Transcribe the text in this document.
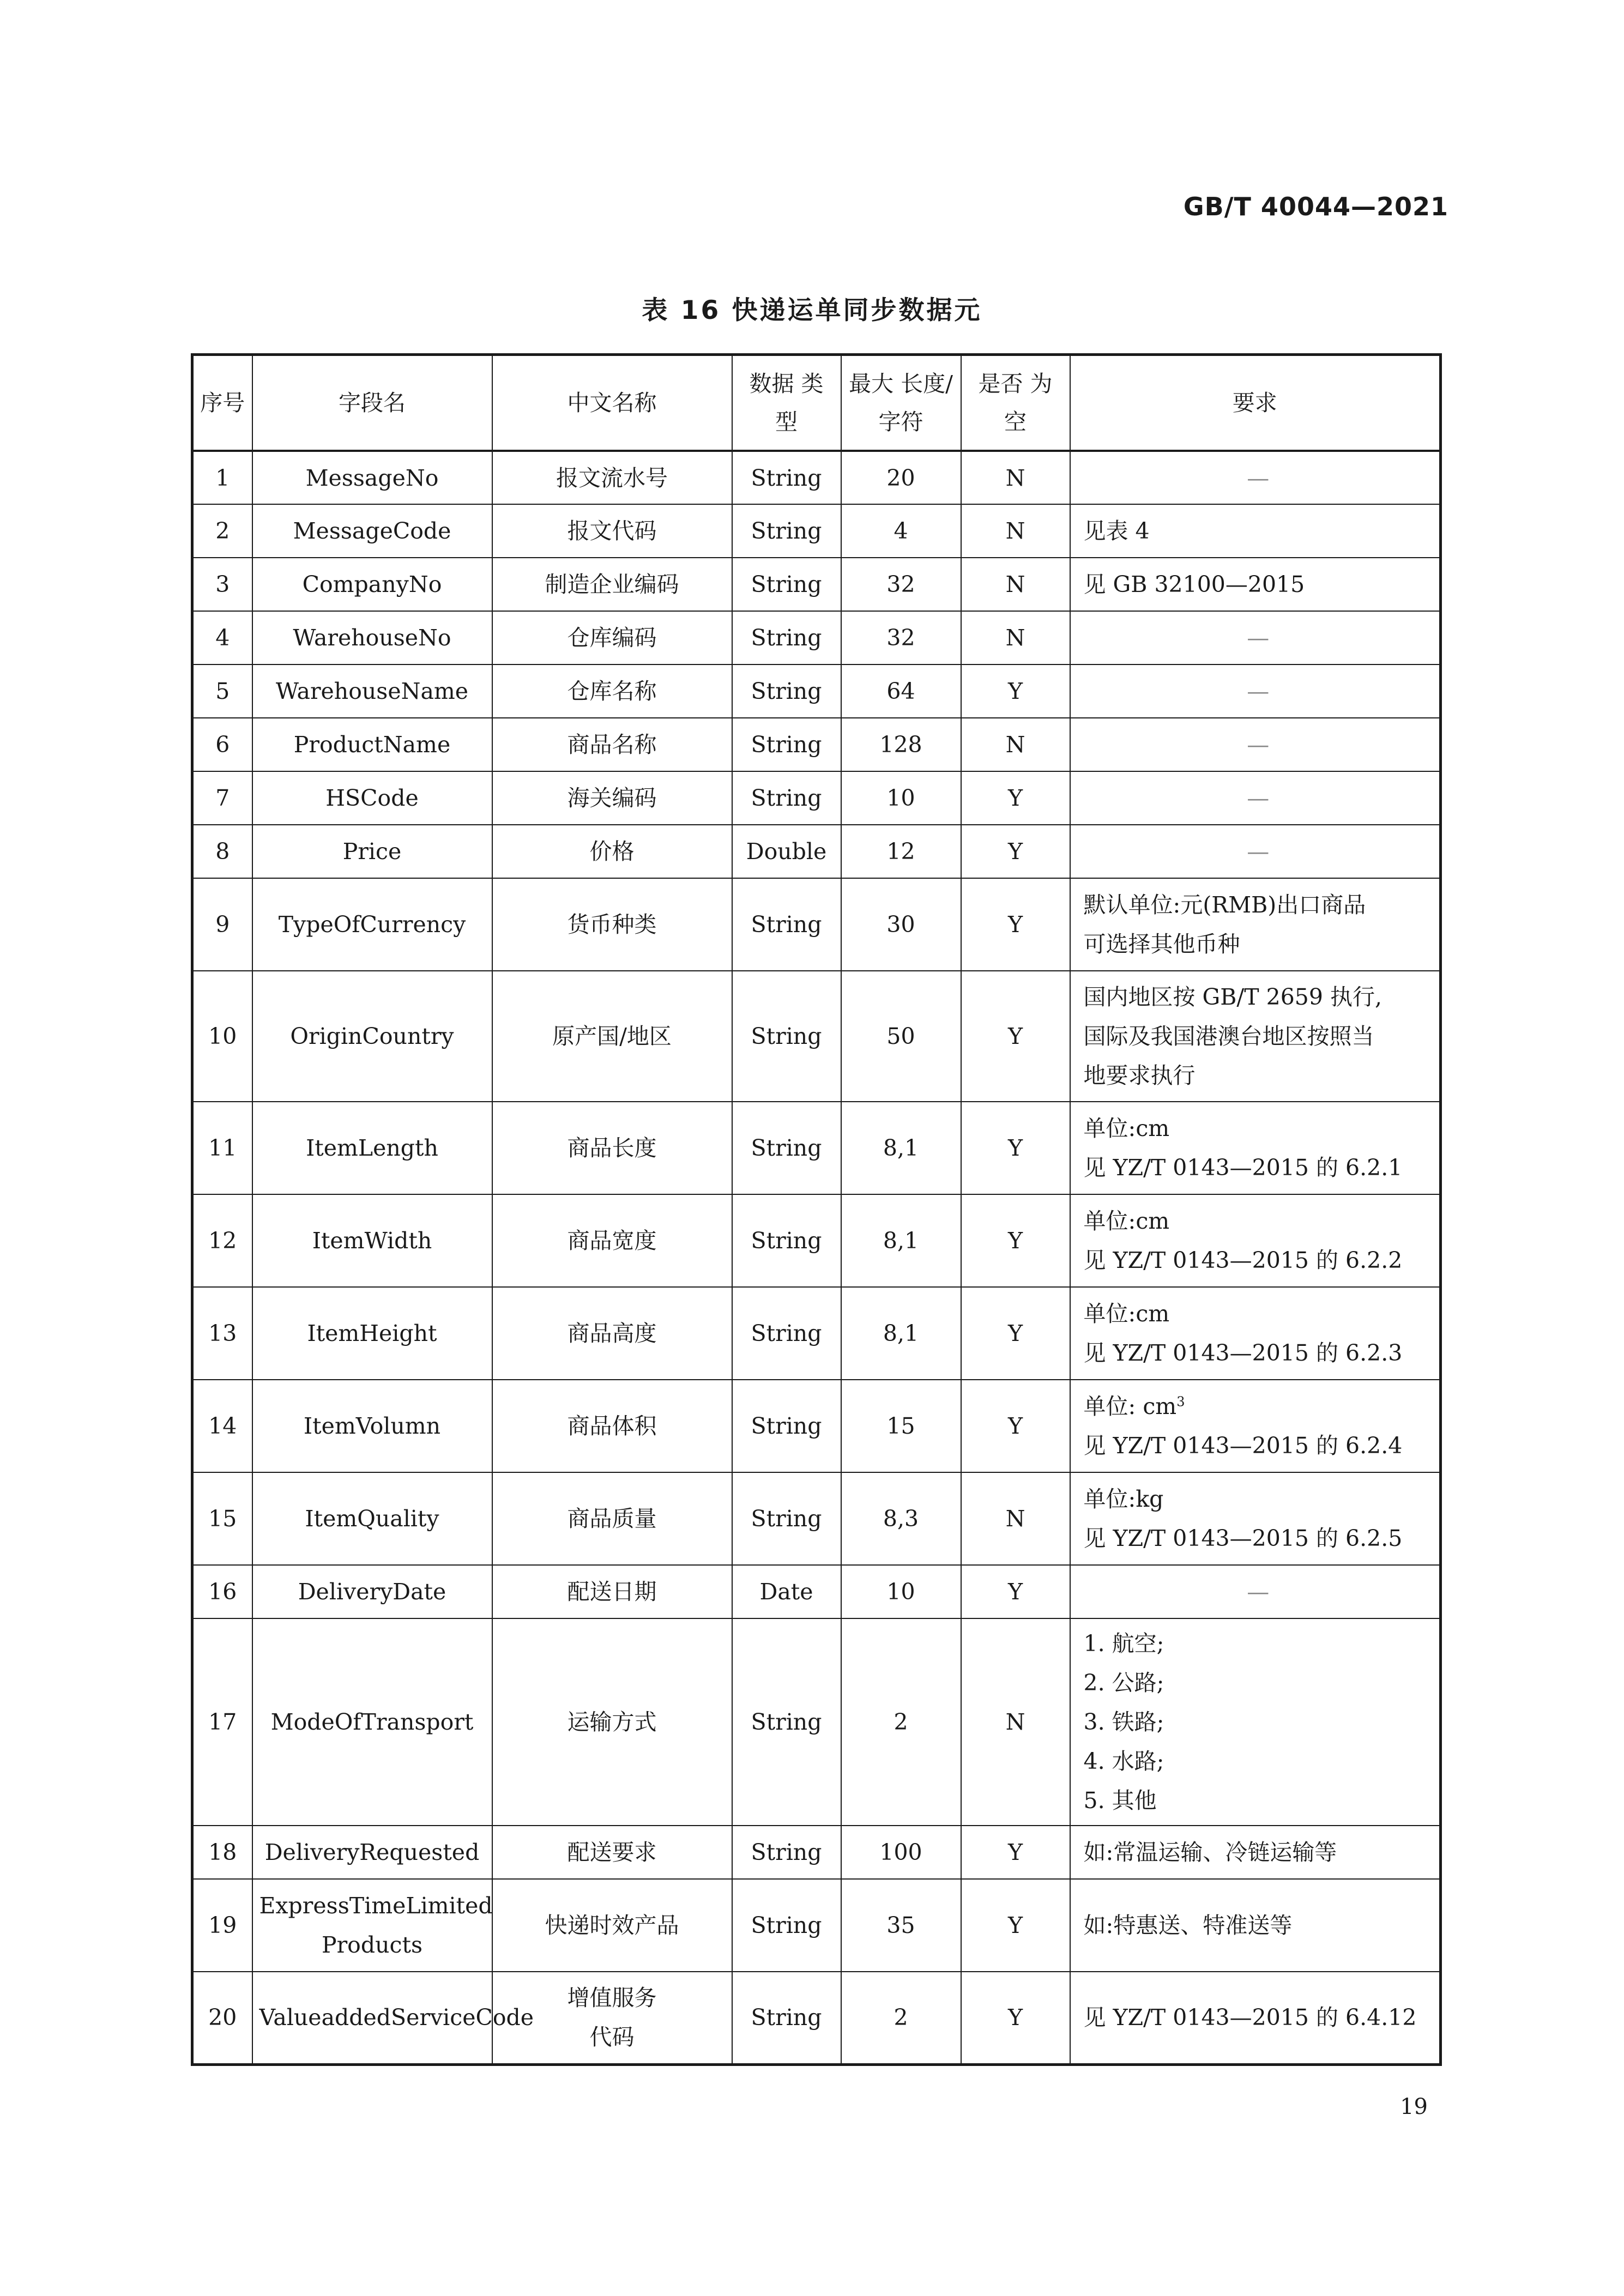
GB/T 40044—2021
表 16 快递运单同步数据元
序号	字段名	中文名称	数据 类型	最大 长度/字符	是否 为空	要求
1	MessageNo	报文流水号	String	20	N	—

2	MessageCode	报文代码	String	4	N	见表 4

3	CompanyNo	制造企业编码	String	32	N	见 GB 32100—2015

4	WarehouseNo	仓库编码	String	32	N	—

5	WarehouseName	仓库名称	String	64	Y	—

6	ProductName	商品名称	String	128	N	—

7	HSCode	海关编码	String	10	Y	—

8	Price	价格	Double	12	Y	—

9	TypeOfCurrency	货币种类	String	30	Y	默认单位:元(RMB)出口商品
可选择其他币种

10	OriginCountry	原产国/地区	String	50	Y	国内地区按 GB/T 2659 执行,
国际及我国港澳台地区按照当
地要求执行

11	ItemLength	商品长度	String	8,1	Y	单位:cm
见 YZ/T 0143—2015 的 6.2.1

12	ItemWidth	商品宽度	String	8,1	Y	单位:cm
见 YZ/T 0143—2015 的 6.2.2

13	ItemHeight	商品高度	String	8,1	Y	单位:cm
见 YZ/T 0143—2015 的 6.2.3

14	ItemVolumn	商品体积	String	15	Y	单位: $cm^3$
见 YZ/T 0143—2015 的 6.2.4

15	ItemQuality	商品质量	String	8,3	N	单位:kg
见 YZ/T 0143—2015 的 6.2.5

16	DeliveryDate	配送日期	Date	10	Y	—

17	ModeOfTransport	运输方式	String	2	N	1. 航空;
2. 公路;
3. 铁路;
4. 水路;
5. 其他

18	DeliveryRequested	配送要求	String	100	Y	如:常温运输、冷链运输等

19	ExpressTimeLimited
Products	快递时效产品	String	35	Y	如:特惠送、特准送等

20	ValueaddedServiceCode	增值服务
代码	String	2	Y	见 YZ/T 0143—2015 的 6.4.12
19
